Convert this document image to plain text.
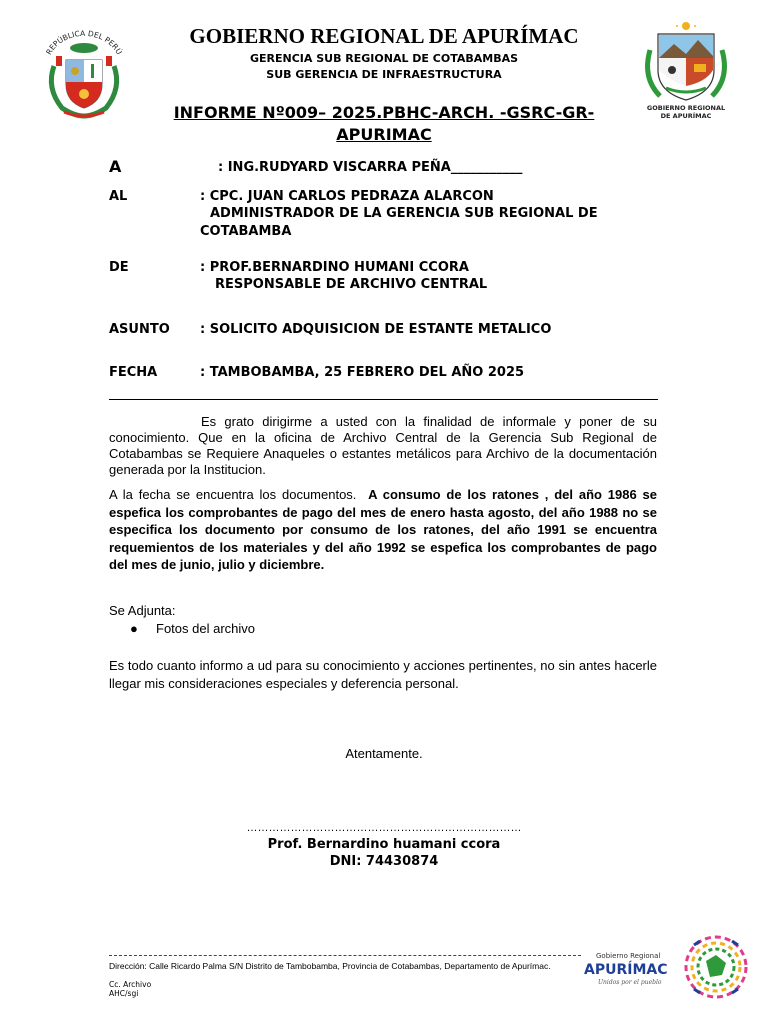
REPÚBLICA DEL PERÚ
GOBIERNO REGIONAL
DE APURÍMAC
GOBIERNO REGIONAL DE APURÍMAC
GERENCIA SUB REGIONAL DE COTABAMBAS
SUB GERENCIA DE INFRAESTRUCTURA
INFORME Nº009– 2025.PBHC-ARCH. -GSRC-GR-
APURIMAC
A	: ING.RUDYARD VISCARRA PEÑA___________
AL	: CPC. JUAN CARLOS PEDRAZA ALARCON
ADMINISTRADOR DE LA GERENCIA SUB REGIONAL DE
COTABAMBA
DE	: PROF.BERNARDINO HUMANI CCORA
RESPONSABLE DE ARCHIVO CENTRAL
ASUNTO : SOLICITO ADQUISICION DE ESTANTE METALICO
FECHA	: TAMBOBAMBA, 25 FEBRERO DEL AÑO 2025
Es grato dirigirme a usted con la finalidad de informale y poner de su conocimiento. Que en la oficina de Archivo Central de la Gerencia Sub Regional de Cotabambas se Requiere Anaqueles o estantes metálicos para Archivo de la documentación generada por la Institucion.
A la fecha se encuentra los documentos. A consumo de los ratones , del año 1986 se espefica los comprobantes de pago del mes de enero hasta agosto, del año 1988 no se especifica los documento por consumo de los ratones, del año 1991 se encuentra requemientos de los materiales y del año 1992 se espefica los comprobantes de pago del mes de junio, julio y diciembre.
Se Adjunta:
●	Fotos del archivo
Es todo cuanto informo a ud para su conocimiento y acciones pertinentes, no sin antes hacerle llegar mis consideraciones especiales y deferencia personal.
Atentamente.
…………………………………………………………………
Prof. Bernardino huamani ccora
DNI: 74430874
Dirección: Calle Ricardo Palma S/N Distrito de Tambobamba, Provincia de Cotabambas, Departamento de Apurímac.
Cc. Archivo
AHC/sgi
Gobierno Regional
APURÍMAC
Unidos por el pueblo
